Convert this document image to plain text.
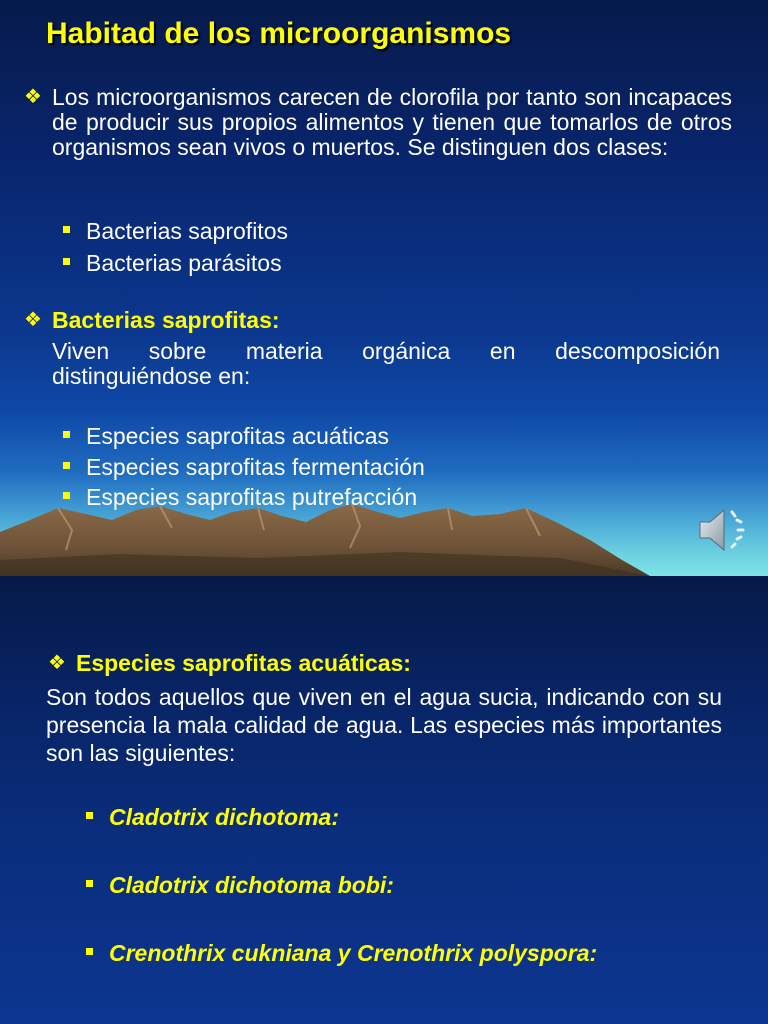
Habitad de los microorganismos
❖ Los microorganismos carecen de clorofila por tanto son incapaces de producir sus propios alimentos y tienen que tomarlos de otros organismos sean vivos o muertos. Se distinguen dos clases:

Bacterias saprofitos
Bacterias parásitos
❖ Bacterias saprofitas:

Viven sobre materia orgánica en descomposición distinguiéndose en:

Especies saprofitas acuáticas
Especies saprofitas fermentación
Especies saprofitas putrefacción
❖ Especies saprofitas acuáticas:

Son todos aquellos que viven en el agua sucia, indicando con su presencia la mala calidad de agua. Las especies más importantes son las siguientes:

Cladotrix dichotoma:
Cladotrix dichotoma bobi:
Crenothrix cukniana y Crenothrix polyspora:
